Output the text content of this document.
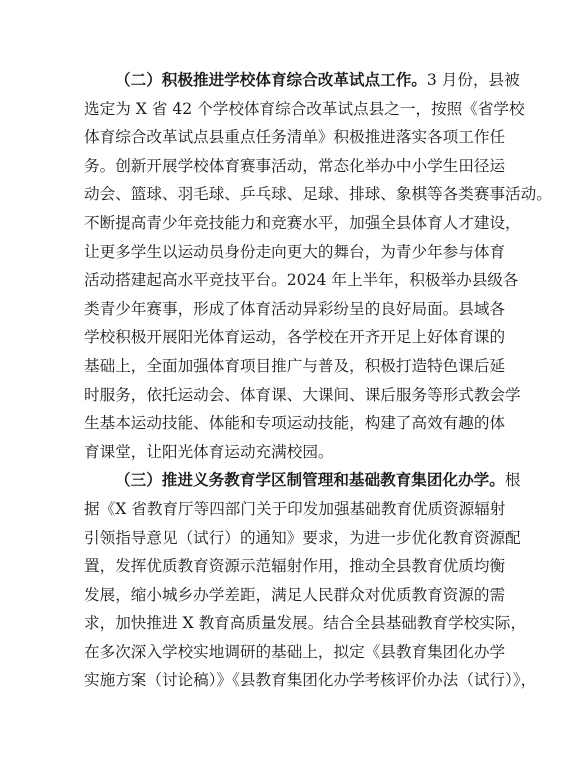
（二）积极推进学校体育综合改革试点工作。3 月份，县被
选定为 X 省 42 个学校体育综合改革试点县之一，按照《省学校
体育综合改革试点县重点任务清单》积极推进落实各项工作任
务。创新开展学校体育赛事活动，常态化举办中小学生田径运
动会、篮球、羽毛球、乒乓球、足球、排球、象棋等各类赛事活动。
不断提高青少年竞技能力和竞赛水平，加强全县体育人才建设，
让更多学生以运动员身份走向更大的舞台，为青少年参与体育
活动搭建起高水平竞技平台。2024 年上半年，积极举办县级各
类青少年赛事，形成了体育活动异彩纷呈的良好局面。县域各
学校积极开展阳光体育运动，各学校在开齐开足上好体育课的
基础上，全面加强体育项目推广与普及，积极打造特色课后延
时服务，依托运动会、体育课、大课间、课后服务等形式教会学
生基本运动技能、体能和专项运动技能，构建了高效有趣的体
育课堂，让阳光体育运动充满校园。
（三）推进义务教育学区制管理和基础教育集团化办学。根
据《X 省教育厅等四部门关于印发加强基础教育优质资源辐射
引领指导意见（试行）的通知》要求，为进一步优化教育资源配
置，发挥优质教育资源示范辐射作用，推动全县教育优质均衡
发展，缩小城乡办学差距，满足人民群众对优质教育资源的需
求，加快推进 X 教育高质量发展。结合全县基础教育学校实际，
在多次深入学校实地调研的基础上，拟定《县教育集团化办学
实施方案（讨论稿）》《县教育集团化办学考核评价办法（试行）》，
